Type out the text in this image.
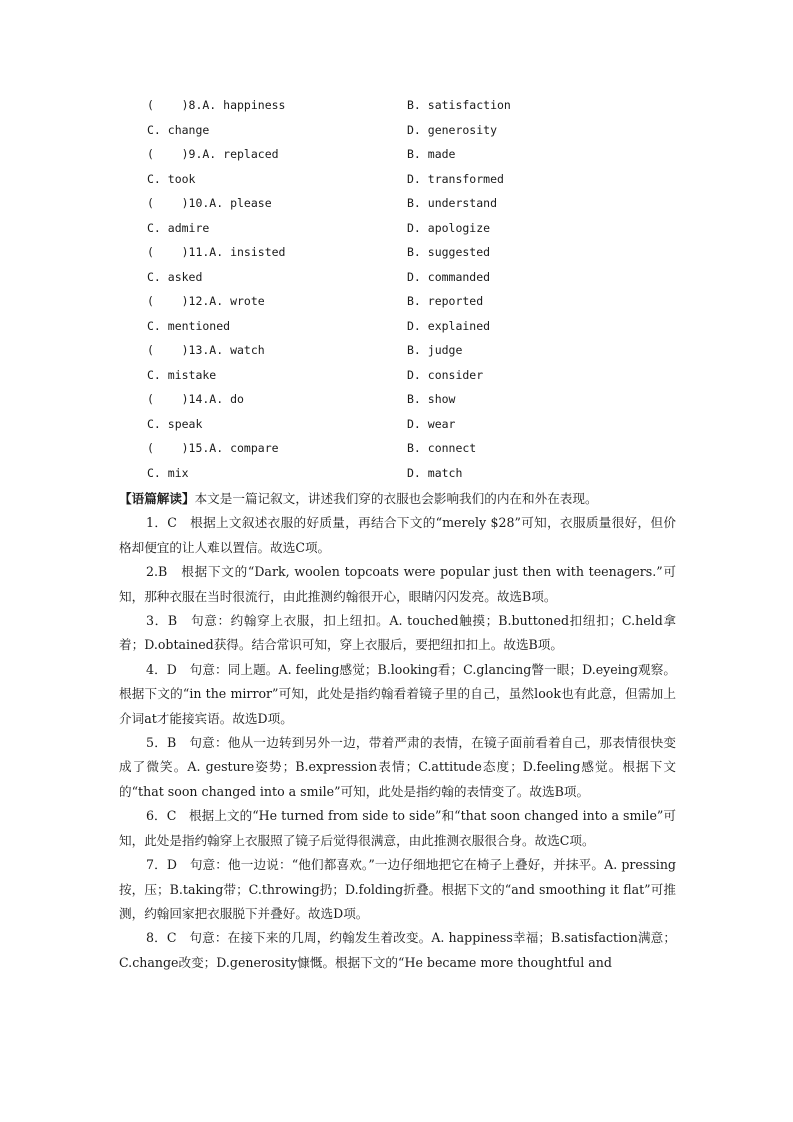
(    )8.A. happiness	B. satisfaction
C. change	D. generosity
(    )9.A. replaced	B. made
C. took	D. transformed
(    )10.A. please	B. understand
C. admire	D. apologize
(    )11.A. insisted	B. suggested
C. asked	D. commanded
(    )12.A. wrote	B. reported
C. mentioned	D. explained
(    )13.A. watch	B. judge
C. mistake	D. consider
(    )14.A. do	B. show
C. speak	D. wear
(    )15.A. compare	B. connect
C. mix	D. match

【语篇解读】本文是一篇记叙文，讲述我们穿的衣服也会影响我们的内在和外在表现。

1．C　根据上文叙述衣服的好质量，再结合下文的“merely $28”可知，衣服质量很好，但价格却便宜的让人难以置信。故选C项。

2.B　根据下文的“Dark, woolen topcoats were popular just then with teenagers.”可知，那种衣服在当时很流行，由此推测约翰很开心，眼睛闪闪发亮。故选B项。

3．B　句意：约翰穿上衣服，扣上纽扣。A. touched触摸；B.buttoned扣纽扣；C.held拿着；D.obtained获得。结合常识可知，穿上衣服后，要把纽扣扣上。故选B项。

4．D　句意：同上题。A. feeling感觉；B.looking看；C.glancing瞥一眼；D.eyeing观察。根据下文的“in the mirror”可知，此处是指约翰看着镜子里的自己，虽然look也有此意，但需加上介词at才能接宾语。故选D项。

5．B　句意：他从一边转到另外一边，带着严肃的表情，在镜子面前看着自己，那表情很快变成了微笑。A. gesture姿势；B.expression表情；C.attitude态度；D.feeling感觉。根据下文的“that soon changed into a smile”可知，此处是指约翰的表情变了。故选B项。

6．C　根据上文的“He turned from side to side”和“that soon changed into a smile”可知，此处是指约翰穿上衣服照了镜子后觉得很满意，由此推测衣服很合身。故选C项。

7．D　句意：他一边说：“他们都喜欢。”一边仔细地把它在椅子上叠好，并抹平。A. pressing按，压；B.taking带；C.throwing扔；D.folding折叠。根据下文的“and smoothing it flat”可推测，约翰回家把衣服脱下并叠好。故选D项。

8．C　句意：在接下来的几周，约翰发生着改变。A. happiness幸福；B.satisfaction满意；C.change改变；D.generosity慷慨。根据下文的“He became more thoughtful and
